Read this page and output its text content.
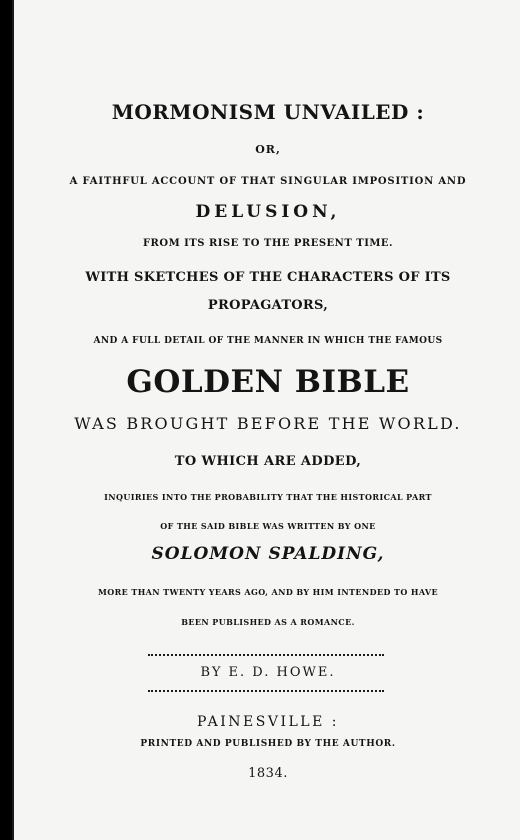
MORMONISM UNVAILED :
OR,
A FAITHFUL ACCOUNT OF THAT SINGULAR IMPOSITION AND
DELUSION,
FROM ITS RISE TO THE PRESENT TIME.
WITH SKETCHES OF THE CHARACTERS OF ITS
PROPAGATORS,
AND A FULL DETAIL OF THE MANNER IN WHICH THE FAMOUS
GOLDEN BIBLE
WAS BROUGHT BEFORE THE WORLD.
TO WHICH ARE ADDED,
INQUIRIES INTO THE PROBABILITY THAT THE HISTORICAL PART
OF THE SAID BIBLE WAS WRITTEN BY ONE
SOLOMON SPALDING,
MORE THAN TWENTY YEARS AGO, AND BY HIM INTENDED TO HAVE
BEEN PUBLISHED AS A ROMANCE.
BY E. D. HOWE.
PAINESVILLE :
PRINTED AND PUBLISHED BY THE AUTHOR.
1834.
